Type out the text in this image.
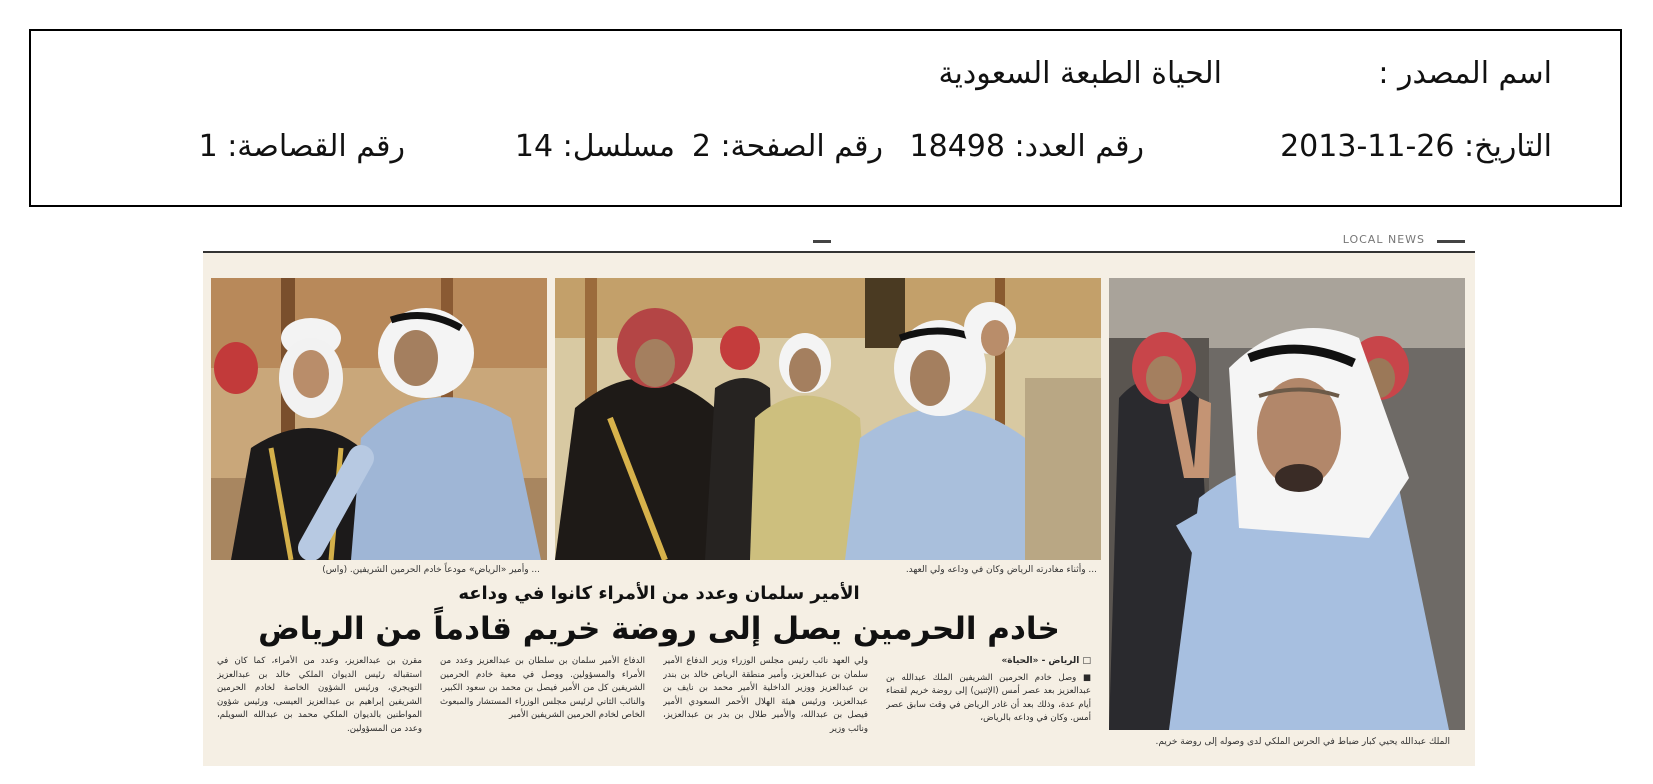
اسم المصدر :
الحياة الطبعة السعودية
التاريخ: 26-11-2013
رقم العدد: 18498
رقم الصفحة: 2
مسلسل: 14
رقم القصاصة: 1
LOCAL NEWS
... وأمير «الرياض» مودعاً خادم الحرمين الشريفين. (واس)	... وأثناء مغادرته الرياض وكان في وداعه ولي العهد.
الملك عبدالله يحيي كبار ضباط في الحرس الملكي لدى وصوله إلى روضة خريم.
الأمير سلمان وعدد من الأمراء كانوا في وداعه
خادم الحرمين يصل إلى روضة خريم قادماً من الرياض
□ الرياض - «الحياة»
■ وصل خادم الحرمين الشريفين الملك عبدالله بن عبدالعزيز بعد عصر أمس (الإثنين) إلى روضة خريم لقضاء أيام عدة، وذلك بعد أن غادر الرياض في وقت سابق عصر أمس. وكان في وداعه بالرياض،
ولي العهد نائب رئيس مجلس الوزراء وزير الدفاع الأمير سلمان بن عبدالعزيز، وأمير منطقة الرياض خالد بن بندر بن عبدالعزيز ووزير الداخلية الأمير محمد بن نايف بن عبدالعزيز، ورئيس هيئة الهلال الأحمر السعودي الأمير فيصل بن عبدالله، والأمير طلال بن بدر بن عبدالعزيز، ونائب وزير
الدفاع الأمير سلمان بن سلطان بن عبدالعزيز وعدد من الأمراء والمسؤولين. ووصل في معية خادم الحرمين الشريفين كل من الأمير فيصل بن محمد بن سعود الكبير، والنائب الثاني لرئيس مجلس الوزراء المستشار والمبعوث الخاص لخادم الحرمين الشريفين الأمير
مقرن بن عبدالعزيز، وعدد من الأمراء، كما كان في استقباله رئيس الديوان الملكي خالد بن عبدالعزيز التويجري، ورئيس الشؤون الخاصة لخادم الحرمين الشريفين إبراهيم بن عبدالعزيز العيسى، ورئيس شؤون المواطنين بالديوان الملكي محمد بن عبدالله السويلم، وعدد من المسؤولين.
